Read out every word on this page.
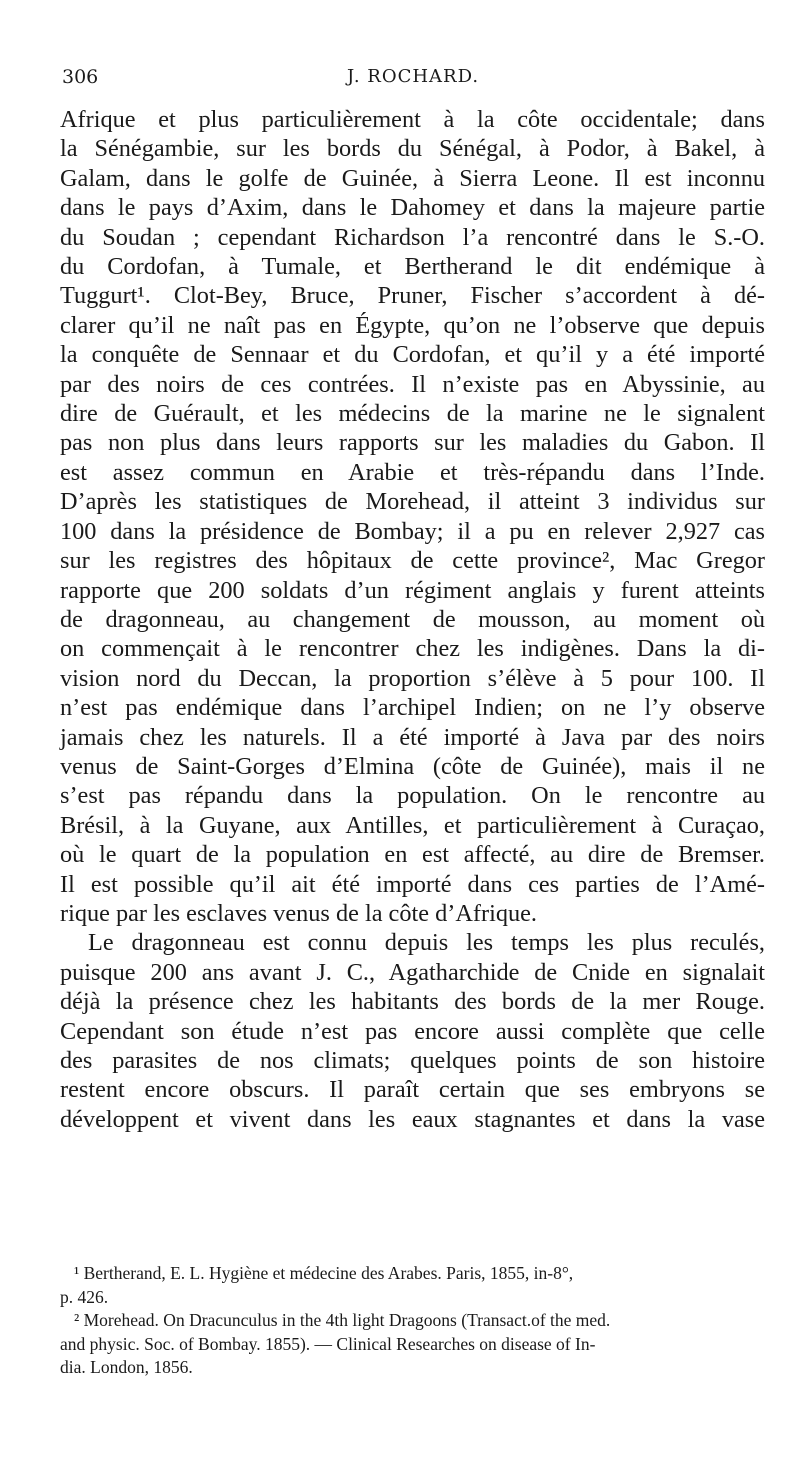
306	J. ROCHARD.
Afrique et plus particulièrement à la côte occidentale; dans
la Sénégambie, sur les bords du Sénégal, à Podor, à Bakel, à
Galam, dans le golfe de Guinée, à Sierra Leone. Il est inconnu
dans le pays d’Axim, dans le Dahomey et dans la majeure partie
du Soudan ; cependant Richardson l’a rencontré dans le S.-O.
du Cordofan, à Tumale, et Bertherand le dit endémique à
Tuggurt¹. Clot-Bey, Bruce, Pruner, Fischer s’accordent à dé-
clarer qu’il ne naît pas en Égypte, qu’on ne l’observe que depuis
la conquête de Sennaar et du Cordofan, et qu’il y a été importé
par des noirs de ces contrées. Il n’existe pas en Abyssinie, au
dire de Guérault, et les médecins de la marine ne le signalent
pas non plus dans leurs rapports sur les maladies du Gabon. Il
est assez commun en Arabie et très-répandu dans l’Inde.
D’après les statistiques de Morehead, il atteint 3 individus sur
100 dans la présidence de Bombay; il a pu en relever 2,927 cas
sur les registres des hôpitaux de cette province², Mac Gregor
rapporte que 200 soldats d’un régiment anglais y furent atteints
de dragonneau, au changement de mousson, au moment où
on commençait à le rencontrer chez les indigènes. Dans la di-
vision nord du Deccan, la proportion s’élève à 5 pour 100. Il
n’est pas endémique dans l’archipel Indien; on ne l’y observe
jamais chez les naturels. Il a été importé à Java par des noirs
venus de Saint-Gorges d’Elmina (côte de Guinée), mais il ne
s’est pas répandu dans la population. On le rencontre au
Brésil, à la Guyane, aux Antilles, et particulièrement à Curaçao,
où le quart de la population en est affecté, au dire de Bremser.
Il est possible qu’il ait été importé dans ces parties de l’Amé-
rique par les esclaves venus de la côte d’Afrique.
Le dragonneau est connu depuis les temps les plus reculés,
puisque 200 ans avant J. C., Agatharchide de Cnide en signalait
déjà la présence chez les habitants des bords de la mer Rouge.
Cependant son étude n’est pas encore aussi complète que celle
des parasites de nos climats; quelques points de son histoire
restent encore obscurs. Il paraît certain que ses embryons se
développent et vivent dans les eaux stagnantes et dans la vase
¹ Bertherand, E. L. Hygiène et médecine des Arabes. Paris, 1855, in-8°,
p. 426.
² Morehead. On Dracunculus in the 4th light Dragoons (Transact.of the med.
and physic. Soc. of Bombay. 1855). — Clinical Researches on disease of In-
dia. London, 1856.
